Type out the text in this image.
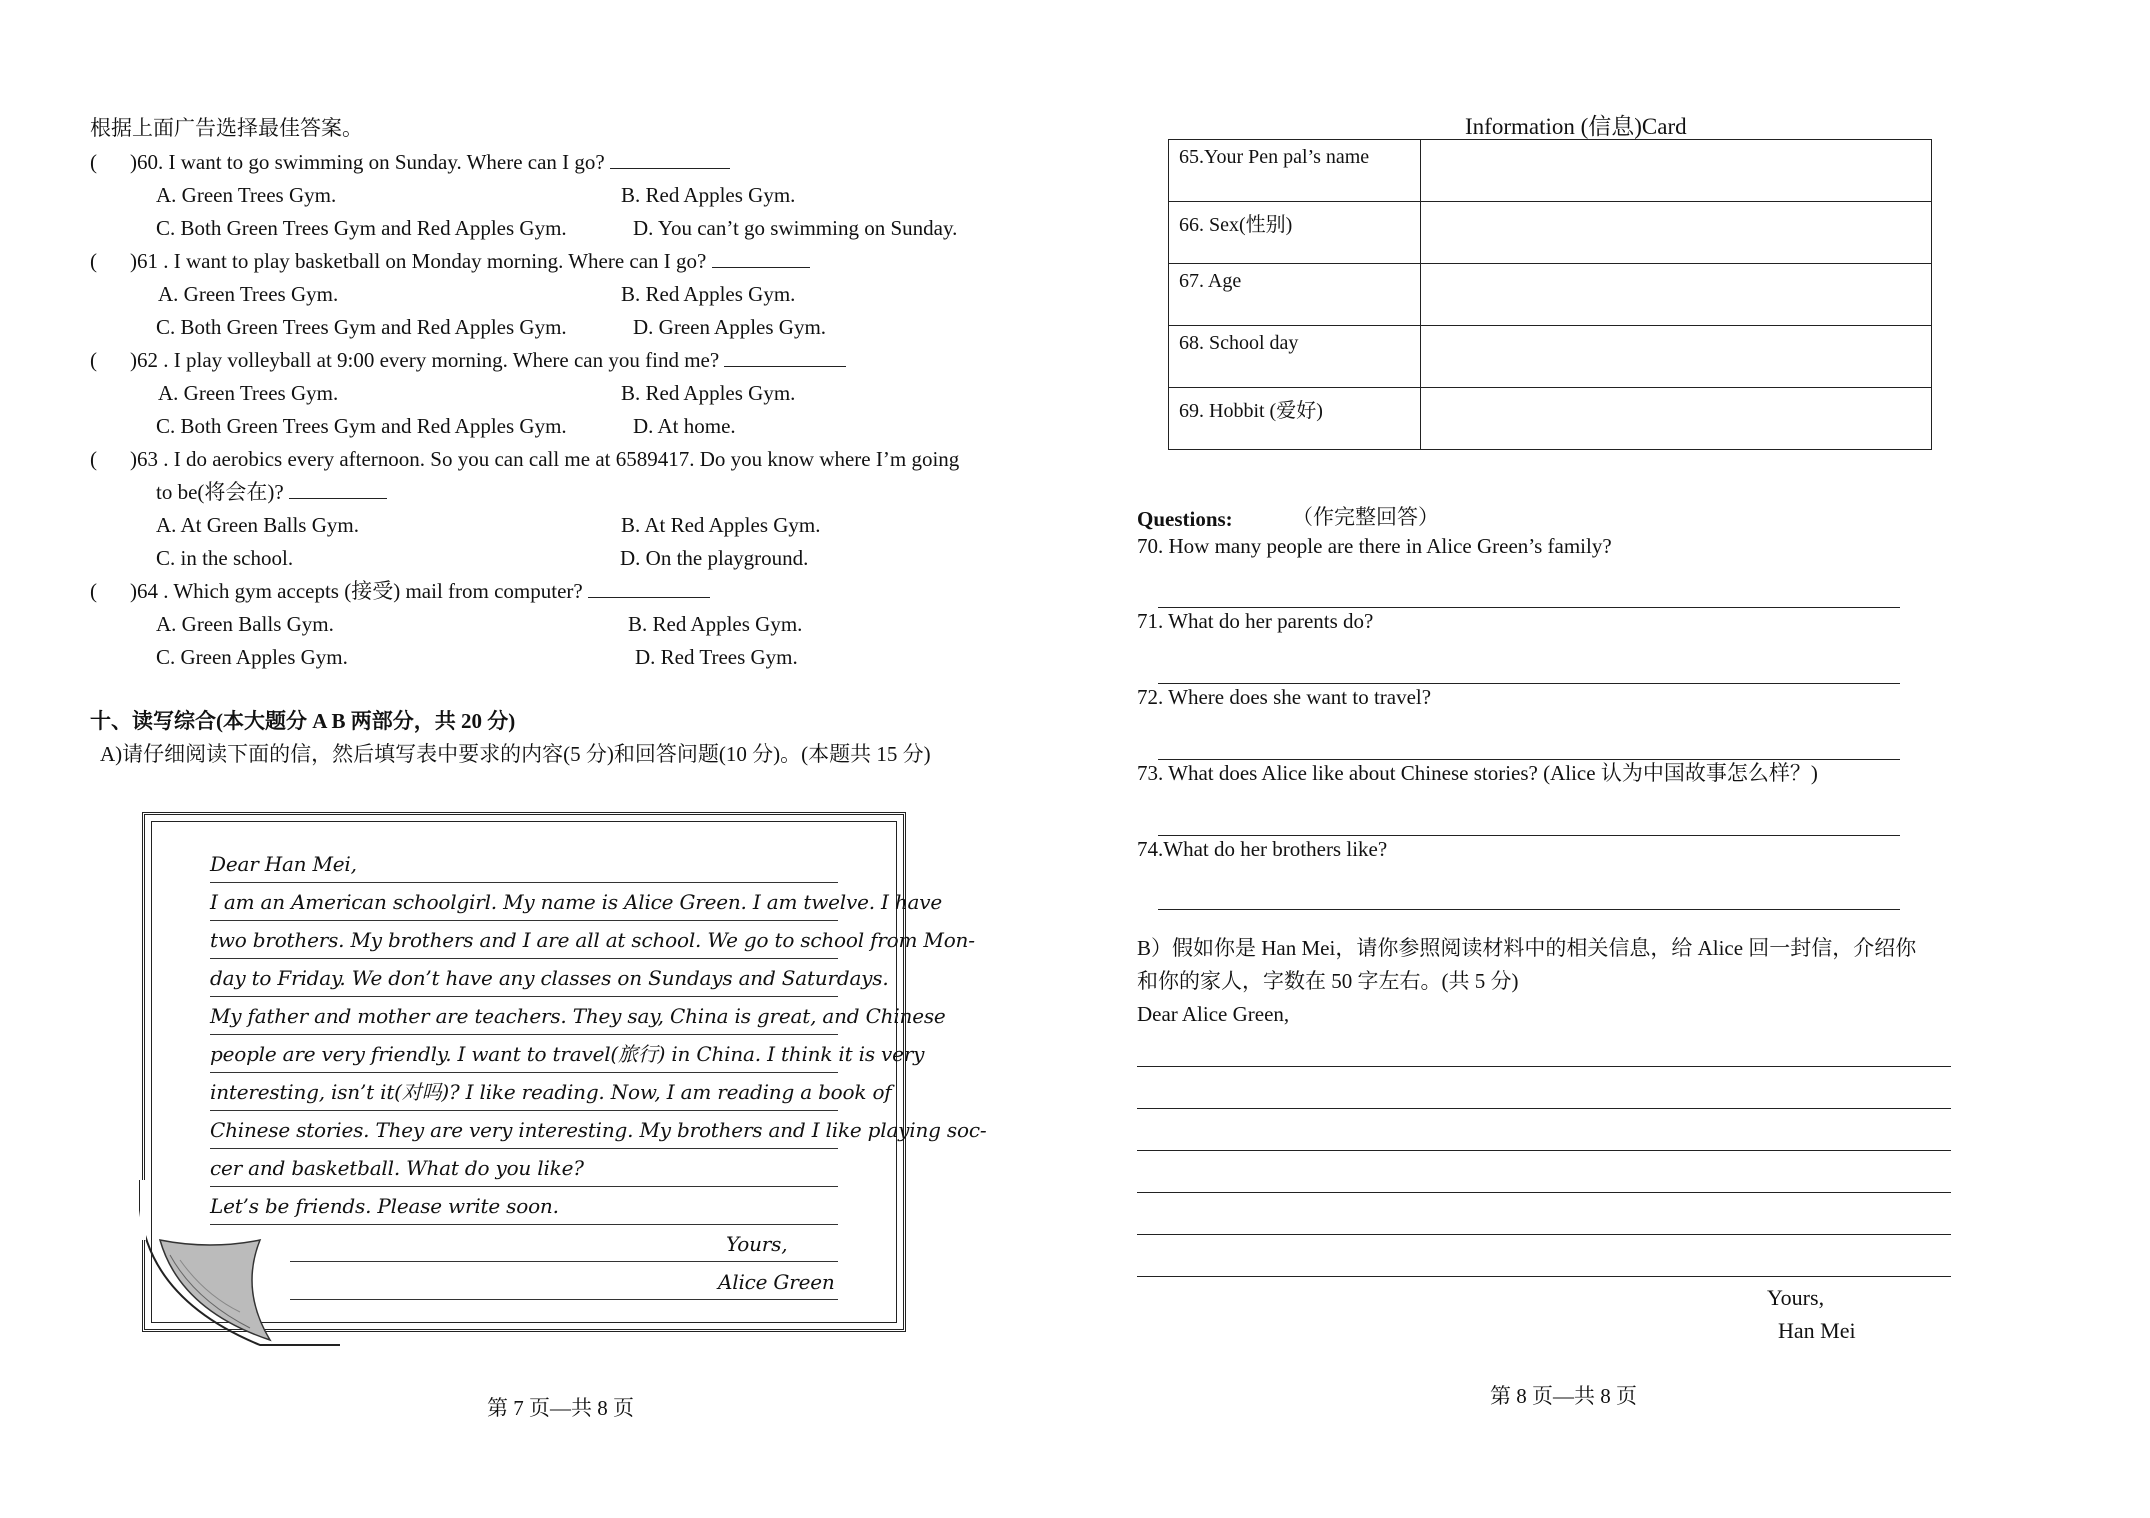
根据上面广告选择最佳答案。
( )60. I want to go swimming on Sunday. Where can I go?
A. Green Trees Gym.	B. Red Apples Gym.
C. Both Green Trees Gym and Red Apples Gym.	D. You can’t go swimming on Sunday.
( )61 . I want to play basketball on Monday morning. Where can I go?
A. Green Trees Gym.	B. Red Apples Gym.
C. Both Green Trees Gym and Red Apples Gym.	D. Green Apples Gym.
( )62 . I play volleyball at 9:00 every morning. Where can you find me?
A. Green Trees Gym.	B. Red Apples Gym.
C. Both Green Trees Gym and Red Apples Gym.	D. At home.
( )63 . I do aerobics every afternoon. So you can call me at 6589417. Do you know where I’m going
to be(将会在)?
A. At Green Balls Gym.	B. At Red Apples Gym.
C. in the school.	D. On the playground.
( )64 . Which gym accepts (接受) mail from computer?
A. Green Balls Gym.	B. Red Apples Gym.
C. Green Apples Gym.	D. Red Trees Gym.
十、读写综合(本大题分 A B 两部分，共 20 分)
A)请仔细阅读下面的信，然后填写表中要求的内容(5 分)和回答问题(10 分)。(本题共 15 分)
Dear Han Mei,
I am an American schoolgirl. My name is Alice Green. I am twelve. I have
two brothers. My brothers and I are all at school. We go to school from Mon-
day to Friday. We don’t have any classes on Sundays and Saturdays.
My father and mother are teachers. They say, China is great, and Chinese
people are very friendly. I want to travel(旅行) in China. I think it is very
interesting, isn’t it(对吗)? I like reading. Now, I am reading a book of
Chinese stories. They are very interesting. My brothers and I like playing soc-
cer and basketball. What do you like?
Let’s be friends. Please write soon.
Yours,
Alice Green
第 7 页—共 8 页
Information (信息)Card
65.Your Pen pal’s name	
66. Sex(性别)	
67. Age	
68. School day	
69. Hobbit (爱好)	
Questions:	（作完整回答）
70. How many people are there in Alice Green’s family?
71. What do her parents do?
72. Where does she want to travel?
73. What does Alice like about Chinese stories? (Alice 认为中国故事怎么样？)
74.What do her brothers like?
B）假如你是 Han Mei，请你参照阅读材料中的相关信息，给 Alice 回一封信，介绍你
和你的家人，字数在 50 字左右。(共 5 分)
Dear Alice Green,
Yours,
Han Mei
第 8 页—共 8 页
